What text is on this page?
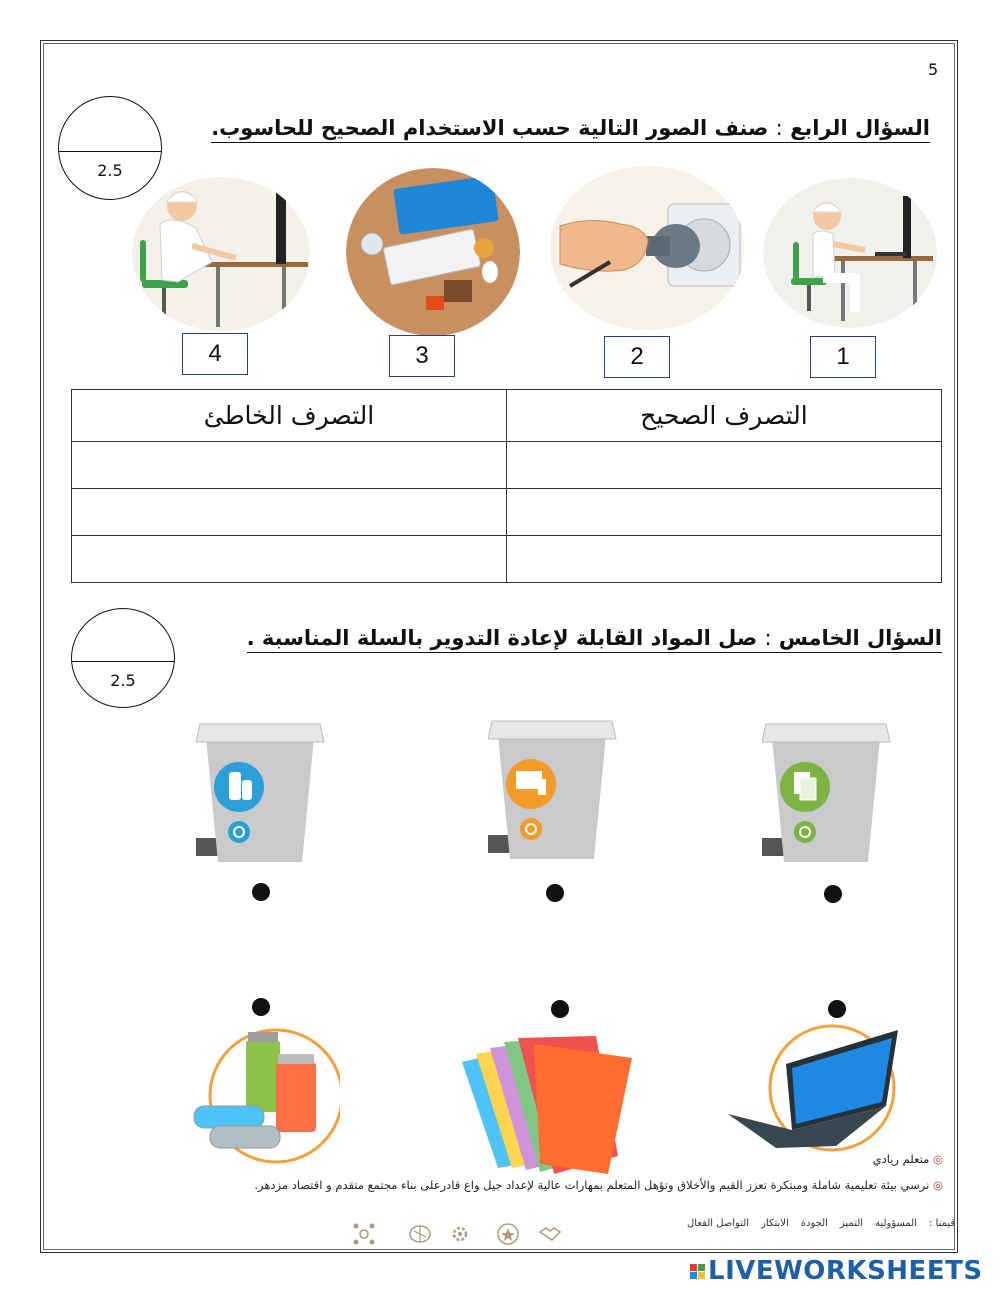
5
2.5
السؤال الرابع : صنف الصور التالية حسب الاستخدام الصحيح للحاسوب.
1
2
3
4
التصرف الخاطئ	التصرف الصحيح

2.5
السؤال الخامس : صل المواد القابلة لإعادة التدوير بالسلة المناسبة .
◎ متعلم ريادي
◎ نرسي بيئة تعليمية شاملة ومبتكرة تعزز القيم والأخلاق وتؤهل المتعلم بمهارات عالية لإعداد جيل واع قادرعلى بناء مجتمع متقدم و اقتصاد مزدهر.
قيمنا :المسؤوليةالتميزالجودةالابتكارالتواصل الفعال
LIVEWORKSHEETS
